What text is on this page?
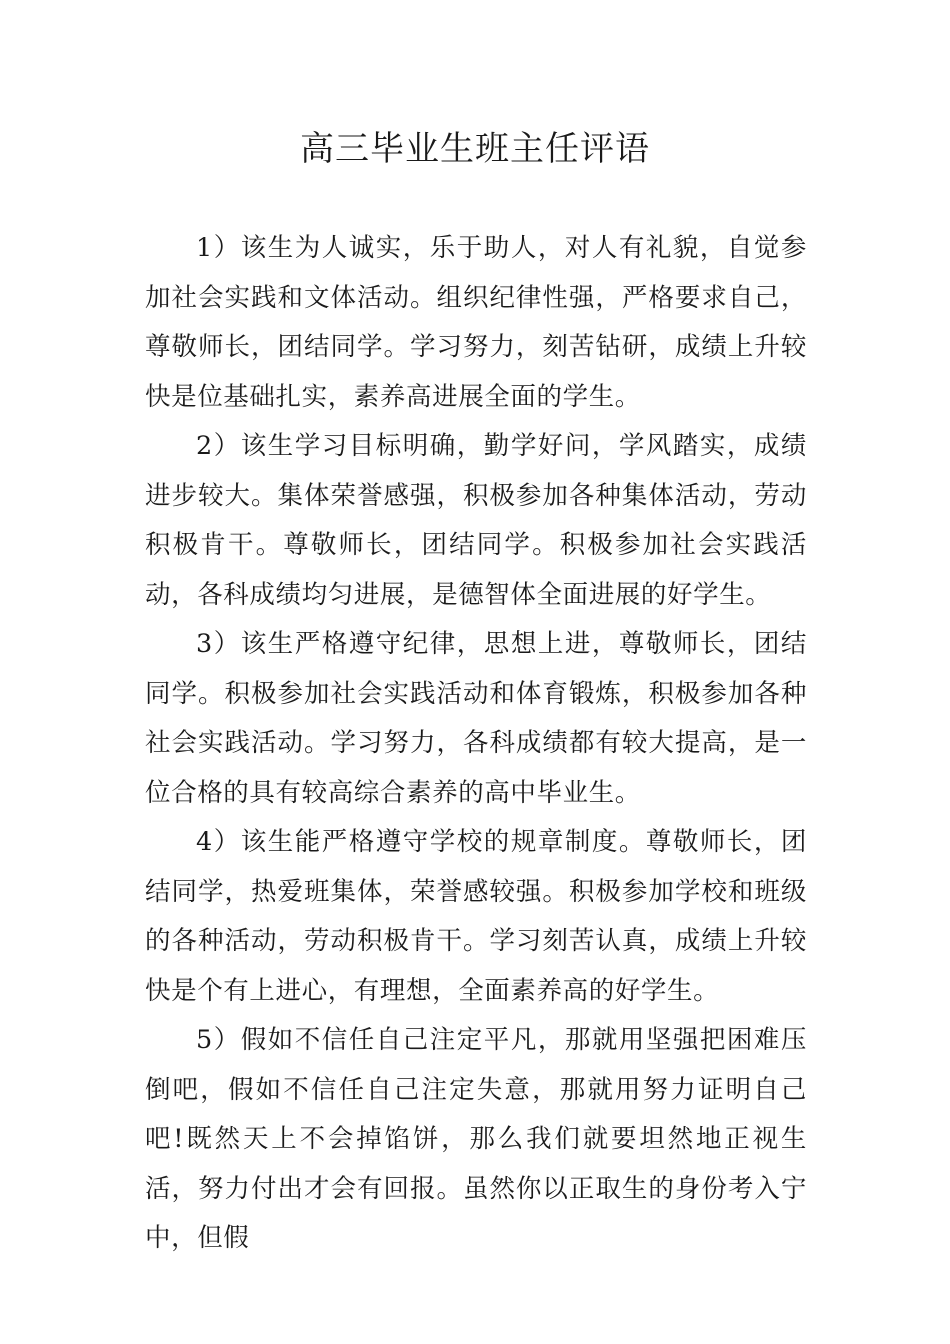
高三毕业生班主任评语

1）该生为人诚实，乐于助人，对人有礼貌，自觉参加社会实践和文体活动。组织纪律性强，严格要求自己，尊敬师长，团结同学。学习努力，刻苦钻研，成绩上升较快是位基础扎实，素养高进展全面的学生。

2）该生学习目标明确，勤学好问，学风踏实，成绩进步较大。集体荣誉感强，积极参加各种集体活动，劳动积极肯干。尊敬师长，团结同学。积极参加社会实践活动，各科成绩均匀进展，是德智体全面进展的好学生。

3）该生严格遵守纪律，思想上进，尊敬师长，团结同学。积极参加社会实践活动和体育锻炼，积极参加各种社会实践活动。学习努力，各科成绩都有较大提高，是一位合格的具有较高综合素养的高中毕业生。

4）该生能严格遵守学校的规章制度。尊敬师长，团结同学，热爱班集体，荣誉感较强。积极参加学校和班级的各种活动，劳动积极肯干。学习刻苦认真，成绩上升较快是个有上进心，有理想，全面素养高的好学生。

5）假如不信任自己注定平凡，那就用坚强把困难压倒吧，假如不信任自己注定失意，那就用努力证明自己吧!既然天上不会掉馅饼，那么我们就要坦然地正视生活，努力付出才会有回报。虽然你以正取生的身份考入宁中，但假
